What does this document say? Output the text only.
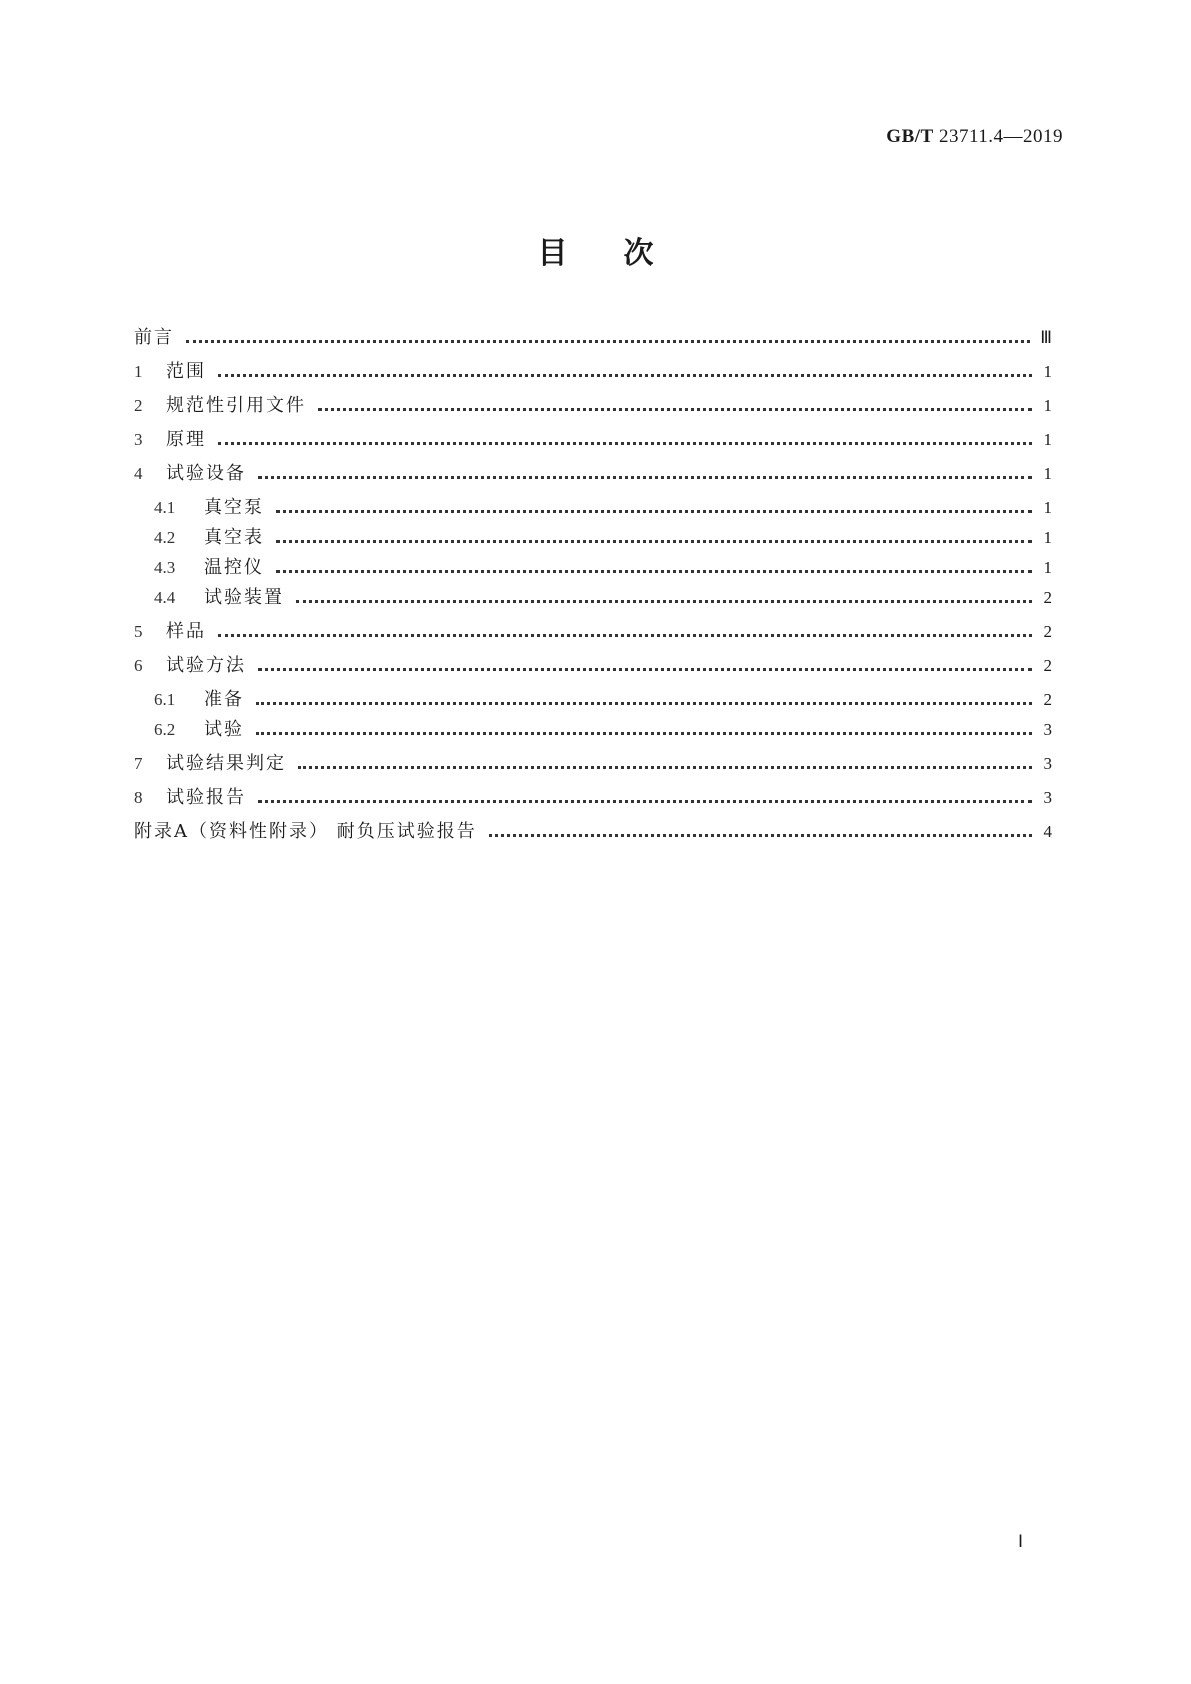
GB/T 23711.4—2019
目次
前言	Ⅲ
1	范围	1
2	规范性引用文件	1
3	原理	1
4	试验设备	1
4.1	真空泵	1
4.2	真空表	1
4.3	温控仪	1
4.4	试验装置	2
5	样品	2
6	试验方法	2
6.1	准备	2
6.2	试验	3
7	试验结果判定	3
8	试验报告	3
附录A（资料性附录） 耐负压试验报告	4
Ⅰ
